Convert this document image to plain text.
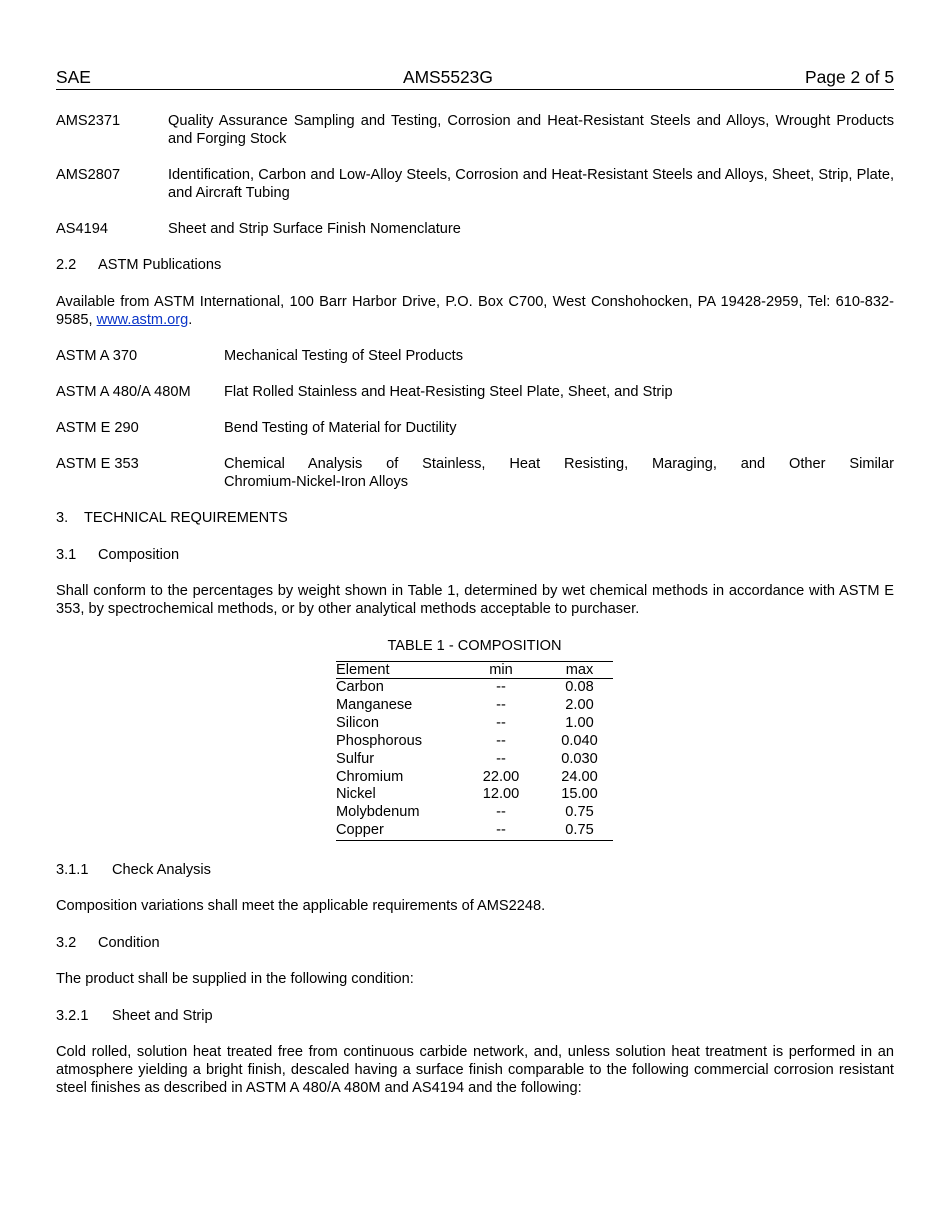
SAE	AMS5523G	Page 2 of 5
AMS2371	Quality Assurance Sampling and Testing, Corrosion and Heat-Resistant Steels and Alloys, Wrought Products and Forging Stock
AMS2807	Identification, Carbon and Low-Alloy Steels, Corrosion and Heat-Resistant Steels and Alloys, Sheet, Strip, Plate, and Aircraft Tubing
AS4194	Sheet and Strip Surface Finish Nomenclature
2.2 ASTM Publications
Available from ASTM International, 100 Barr Harbor Drive, P.O. Box C700, West Conshohocken, PA 19428-2959, Tel: 610-832-9585, www.astm.org.
ASTM A 370	Mechanical Testing of Steel Products
ASTM A 480/A 480M	Flat Rolled Stainless and Heat-Resisting Steel Plate, Sheet, and Strip
ASTM E 290	Bend Testing of Material for Ductility
ASTM E 353	Chemical Analysis of Stainless, Heat Resisting, Maraging, and Other Similar
Chromium-Nickel-Iron Alloys
3. TECHNICAL REQUIREMENTS
3.1 Composition
Shall conform to the percentages by weight shown in Table 1, determined by wet chemical methods in accordance with ASTM E 353, by spectrochemical methods, or by other analytical methods acceptable to purchaser.
TABLE 1 - COMPOSITION
Element	min	max
Carbon	--	0.08
Manganese	--	2.00
Silicon	--	1.00
Phosphorous	--	0.040
Sulfur	--	0.030
Chromium	22.00	24.00
Nickel	12.00	15.00
Molybdenum	--	0.75
Copper	--	0.75
3.1.1 Check Analysis
Composition variations shall meet the applicable requirements of AMS2248.
3.2 Condition
The product shall be supplied in the following condition:
3.2.1 Sheet and Strip
Cold rolled, solution heat treated free from continuous carbide network, and, unless solution heat treatment is performed in an atmosphere yielding a bright finish, descaled having a surface finish comparable to the following commercial corrosion resistant steel finishes as described in ASTM A 480/A 480M and AS4194 and the following:
